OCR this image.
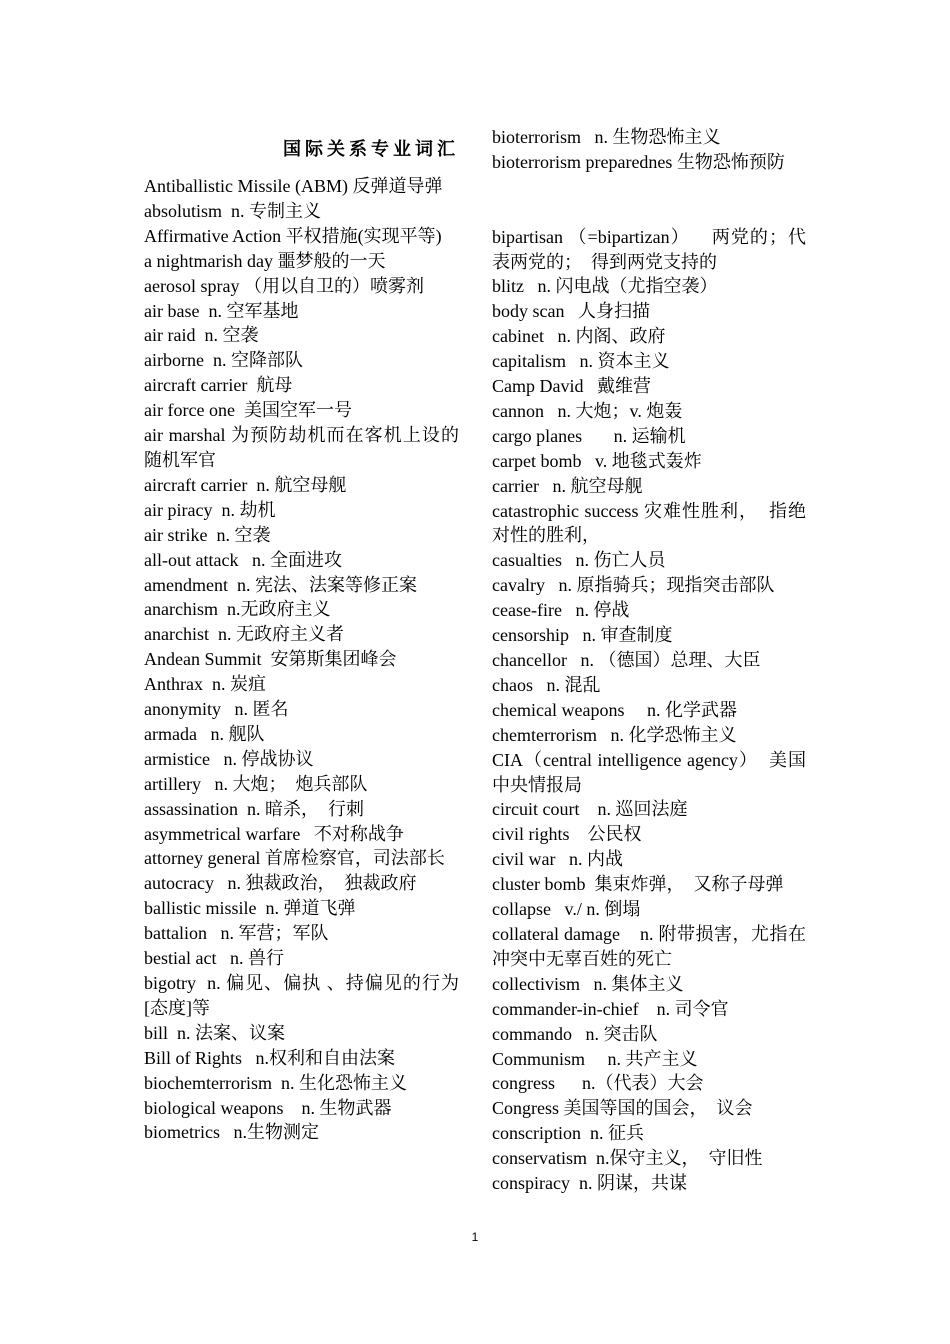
国际关系专业词汇

Antiballistic Missile (ABM) 反弹道导弹

absolutism  n. 专制主义

Affirmative Action 平权措施(实现平等)

a nightmarish day 噩梦般的一天

aerosol spray （用以自卫的）喷雾剂

air base  n. 空军基地

air raid  n. 空袭

airborne  n. 空降部队

aircraft carrier  航母

air force one  美国空军一号

air marshal 为预防劫机而在客机上设的随机军官

aircraft carrier  n. 航空母舰

air piracy  n. 劫机

air strike  n. 空袭

all-out attack   n. 全面进攻

amendment  n. 宪法、法案等修正案

anarchism  n.无政府主义

anarchist  n. 无政府主义者

Andean Summit  安第斯集团峰会

Anthrax  n. 炭疽

anonymity   n. 匿名

armada   n. 舰队

armistice   n. 停战协议

artillery   n. 大炮；  炮兵部队

assassination  n. 暗杀，  行刺

asymmetrical warfare   不对称战争

attorney general 首席检察官，司法部长

autocracy   n. 独裁政治，  独裁政府

ballistic missile  n. 弹道飞弹

battalion   n. 军营；军队

bestial act   n. 兽行

bigotry  n. 偏见、偏执 、持偏见的行为[态度]等

bill  n. 法案、议案

Bill of Rights   n.权利和自由法案

biochemterrorism  n. 生化恐怖主义

biological weapons    n. 生物武器

biometrics   n.生物测定

bioterrorism   n. 生物恐怖主义

bioterrorism preparednes 生物恐怖预防

bipartisan （=bipartizan）    两党的；代表两党的；  得到两党支持的

blitz   n. 闪电战（尤指空袭）

body scan   人身扫描

cabinet   n. 内阁、政府

capitalism   n. 资本主义

Camp David   戴维营

cannon   n. 大炮；v. 炮轰

cargo planes       n. 运输机

carpet bomb   v. 地毯式轰炸

carrier   n. 航空母舰

catastrophic success 灾难性胜利，  指绝对性的胜利，

casualties   n. 伤亡人员

cavalry   n. 原指骑兵；现指突击部队

cease-fire   n. 停战

censorship   n. 审查制度

chancellor   n. （德国）总理、大臣

chaos   n. 混乱

chemical weapons     n. 化学武器

chemterrorism   n. 化学恐怖主义

CIA（central intelligence agency）  美国中央情报局

circuit court    n. 巡回法庭

civil rights    公民权

civil war   n. 内战

cluster bomb  集束炸弹，  又称子母弹

collapse   v./ n. 倒塌

collateral damage    n. 附带损害，尤指在冲突中无辜百姓的死亡

collectivism   n. 集体主义

commander-in-chief    n. 司令官

commando   n. 突击队

Communism     n. 共产主义

congress      n.（代表）大会

Congress 美国等国的国会，  议会

conscription  n. 征兵

conservatism  n.保守主义，  守旧性

conspiracy  n. 阴谋，共谋

1
